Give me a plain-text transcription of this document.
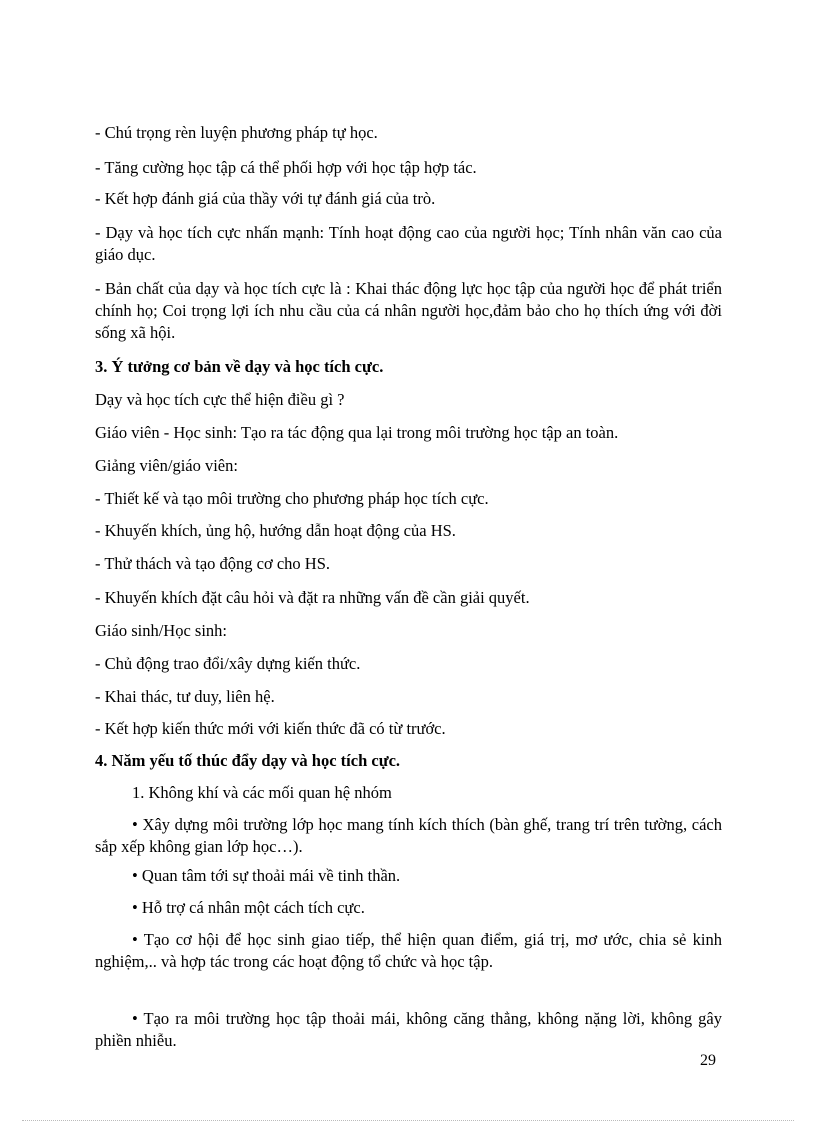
- Chú trọng rèn luyện phương pháp tự học.

- Tăng cường học tập cá thể phối hợp với học tập hợp tác.

- Kết hợp đánh giá của thầy với tự đánh giá của trò.

- Dạy và học tích cực nhấn mạnh: Tính hoạt động cao của người học; Tính nhân văn cao của giáo dục.

- Bản chất của dạy và học tích cực là : Khai thác động lực học tập của người học để phát triển chính họ; Coi trọng lợi ích nhu cầu của cá nhân người học,đảm bảo cho họ thích ứng với đời sống xã hội.

3. Ý tưởng cơ bản về dạy và học tích cực.

Dạy và học tích cực thể hiện điều gì ?

Giáo viên - Học sinh: Tạo ra tác động qua lại trong môi trường học tập an toàn.

Giảng viên/giáo viên:

- Thiết kế và tạo môi trường cho phương pháp học tích cực.

- Khuyến khích, ủng hộ, hướng dẫn hoạt động của HS.

- Thử thách và tạo động cơ cho HS.

- Khuyến khích đặt câu hỏi và đặt ra những vấn đề cần giải quyết.

Giáo sinh/Học sinh:

- Chủ động trao đổi/xây dựng kiến thức.

- Khai thác, tư duy, liên hệ.

- Kết hợp kiến thức mới với kiến thức đã có từ trước.

4. Năm yếu tố thúc đẩy dạy và học tích cực.

1. Không khí và các mối quan hệ nhóm

• Xây dựng môi trường lớp học mang tính kích thích (bàn ghế, trang trí trên tường, cách sắp xếp không gian lớp học…).

• Quan tâm tới sự thoải mái về tinh thần.

• Hỗ trợ cá nhân một cách tích cực.

• Tạo cơ hội để học sinh giao tiếp, thể hiện quan điểm, giá trị, mơ ước, chia sẻ kinh nghiệm,.. và hợp tác trong các hoạt động tổ chức và học tập.

• Tạo ra môi trường học tập thoải mái, không căng thẳng, không nặng lời, không gây phiền nhiễu.

29
